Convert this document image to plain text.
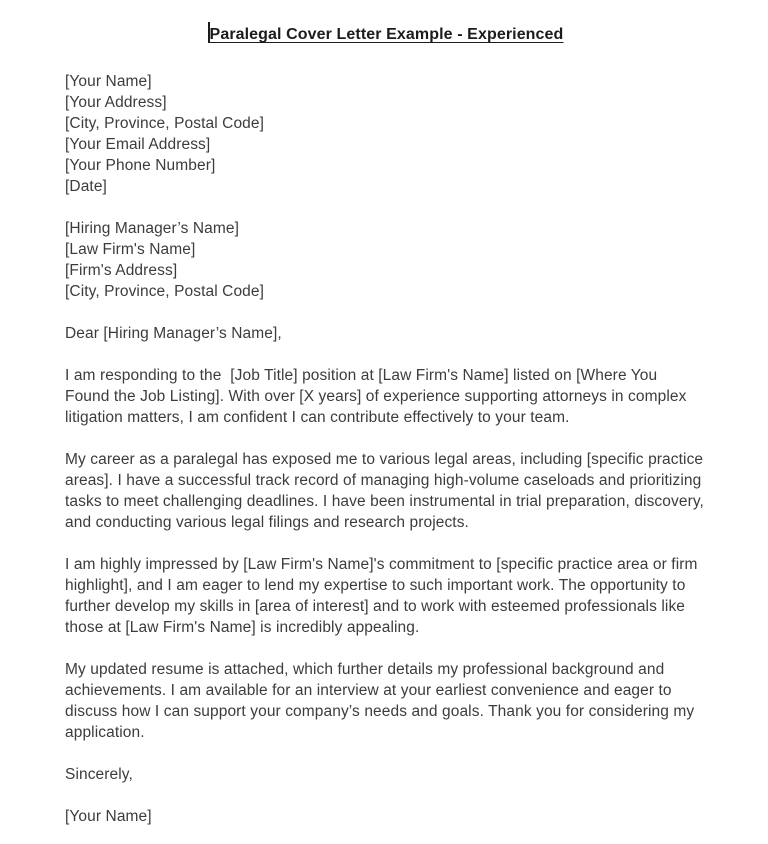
Paralegal Cover Letter Example - Experienced
[Your Name]
[Your Address]
[City, Province, Postal Code]
[Your Email Address]
[Your Phone Number]
[Date]
[Hiring Manager’s Name]
[Law Firm's Name]
[Firm's Address]
[City, Province, Postal Code]
Dear [Hiring Manager’s Name],

I am responding to the  [Job Title] position at [Law Firm's Name] listed on [Where You Found the Job Listing]. With over [X years] of experience supporting attorneys in complex litigation matters, I am confident I can contribute effectively to your team.

My career as a paralegal has exposed me to various legal areas, including [specific practice areas]. I have a successful track record of managing high-volume caseloads and prioritizing tasks to meet challenging deadlines. I have been instrumental in trial preparation, discovery, and conducting various legal filings and research projects.

I am highly impressed by [Law Firm's Name]'s commitment to [specific practice area or firm highlight], and I am eager to lend my expertise to such important work. The opportunity to further develop my skills in [area of interest] and to work with esteemed professionals like those at [Law Firm's Name] is incredibly appealing.

My updated resume is attached, which further details my professional background and achievements. I am available for an interview at your earliest convenience and eager to discuss how I can support your company’s needs and goals. Thank you for considering my application.

Sincerely,
[Your Name]
